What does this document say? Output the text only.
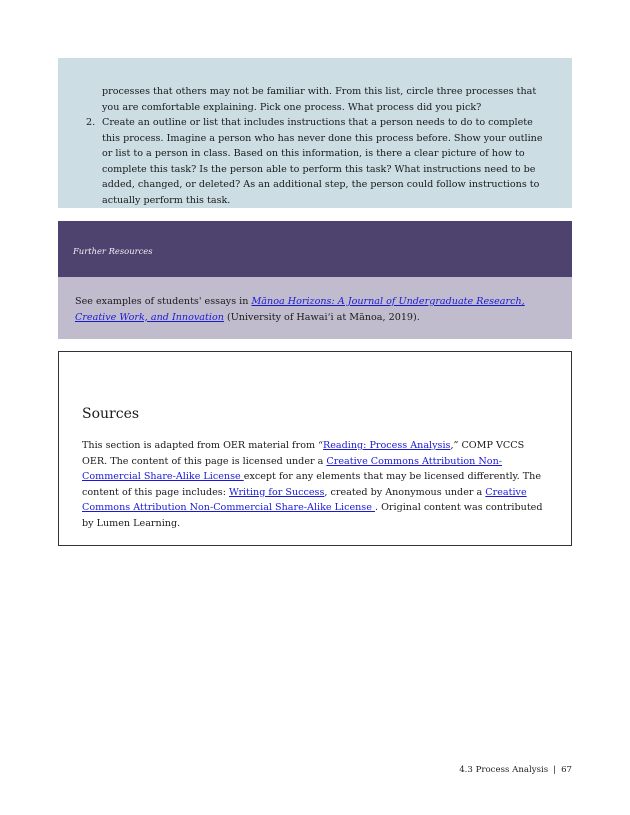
processes that others may not be familiar with. From this list, circle three processes that you are comfortable explaining. Pick one process. What process did you pick?

2. Create an outline or list that includes instructions that a person needs to do to complete this process. Imagine a person who has never done this process before. Show your outline or list to a person in class. Based on this information, is there a clear picture of how to complete this task? Is the person able to perform this task? What instructions need to be added, changed, or deleted? As an additional step, the person could follow instructions to actually perform this task.
Further Resources
See examples of students' essays in Mānoa Horizons: A Journal of Undergraduate Research, Creative Work, and Innovation (University of Hawaiʻi at Mānoa, 2019).
Sources

This section is adapted from OER material from “Reading: Process Analysis,” COMP VCCS OER. The content of this page is licensed under a Creative Commons Attribution Non-Commercial Share-Alike License except for any elements that may be licensed differently. The content of this page includes: Writing for Success, created by Anonymous under a Creative Commons Attribution Non-Commercial Share-Alike License . Original content was contributed by Lumen Learning.

4.3 Process Analysis | 67
